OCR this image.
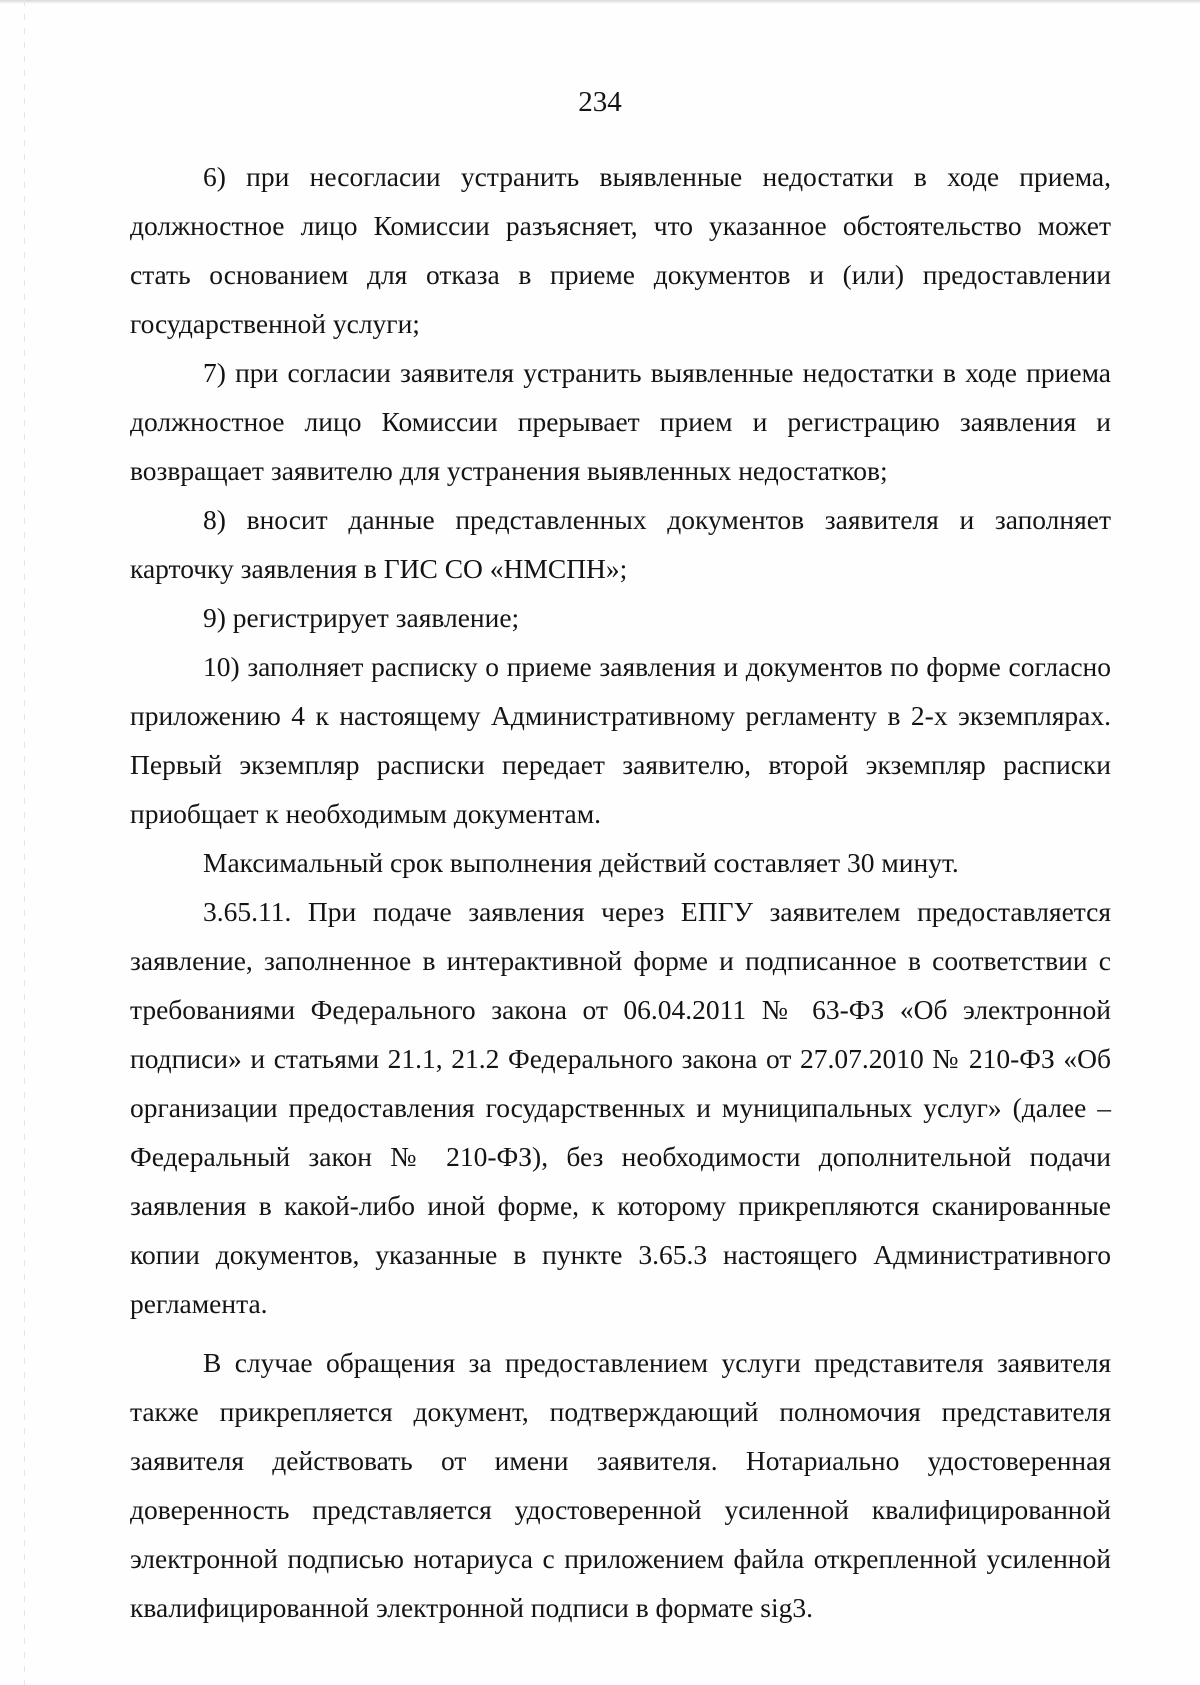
234

6) при несогласии устранить выявленные недостатки в ходе приема, должностное лицо Комиссии разъясняет, что указанное обстоятельство может стать основанием для отказа в приеме документов и (или) предоставлении государственной услуги;

7) при согласии заявителя устранить выявленные недостатки в ходе приема должностное лицо Комиссии прерывает прием и регистрацию заявления и возвращает заявителю для устранения выявленных недостатков;

8) вносит данные представленных документов заявителя и заполняет карточку заявления в ГИС СО «НМСПН»;

9) регистрирует заявление;

10) заполняет расписку о приеме заявления и документов по форме согласно приложению 4 к настоящему Административному регламенту в 2-х экземплярах. Первый экземпляр расписки передает заявителю, второй экземпляр расписки приобщает к необходимым документам.

Максимальный срок выполнения действий составляет 30 минут.

3.65.11. При подаче заявления через ЕПГУ заявителем предоставляется заявление, заполненное в интерактивной форме и подписанное в соответствии с требованиями Федерального закона от 06.04.2011 № 63-ФЗ «Об электронной подписи» и статьями 21.1, 21.2 Федерального закона от 27.07.2010 № 210-ФЗ «Об организации предоставления государственных и муниципальных услуг» (далее – Федеральный закон № 210-ФЗ), без необходимости дополнительной подачи заявления в какой-либо иной форме, к которому прикрепляются сканированные копии документов, указанные в пункте 3.65.3 настоящего Административного регламента.

В случае обращения за предоставлением услуги представителя заявителя также прикрепляется документ, подтверждающий полномочия представителя заявителя действовать от имени заявителя. Нотариально удостоверенная доверенность представляется удостоверенной усиленной квалифицированной электронной подписью нотариуса с приложением файла открепленной усиленной квалифицированной электронной подписи в формате sig3.
